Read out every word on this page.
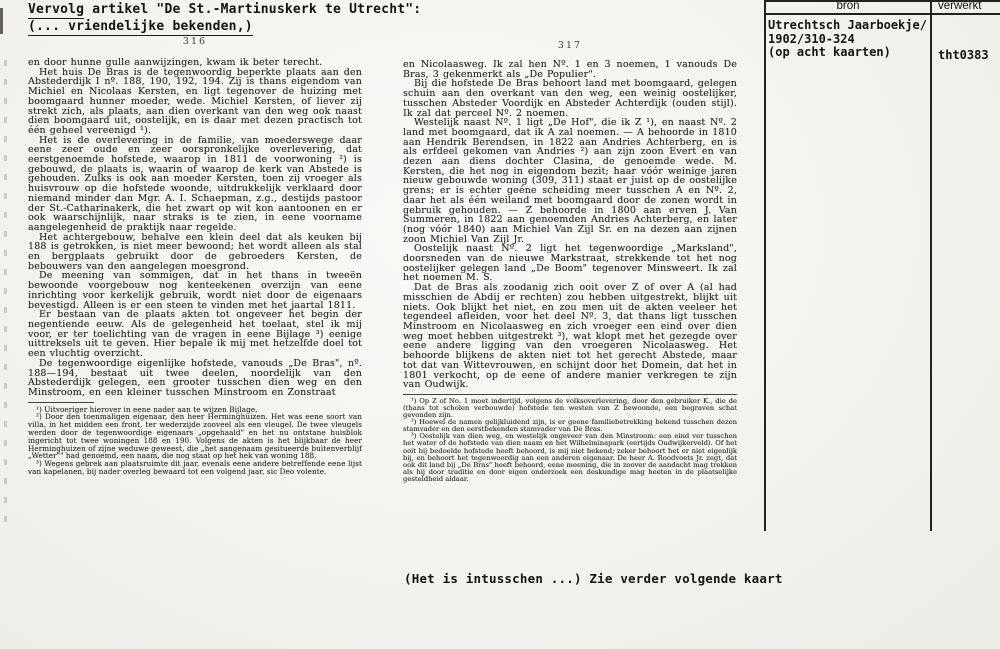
Vervolg artikel "De St.-Martinuskerk te Utrecht":
(... vriendelijke bekenden,)
316

en door hunne gulle aanwijzingen, kwam ik beter terecht.

Het huis De Bras is de tegenwoordig beperkte plaats aan den Abstederdijk I nº. 188, 190, 192, 194. Zij is thans eigendom van Michiel en Nicolaas Kersten, en ligt tegenover de huizing met boomgaard hunner moeder, wede. Michiel Kersten, of liever zij strekt zich, als plaats, aan dien overkant van den weg ook naast dien boomgaard uit, oostelijk, en is daar met dezen practisch tot één geheel vereenigd ¹).

Het is de overlevering in de familie, van moederswege daar eene zeer oude en zeer oorspronkelijke overlevering, dat eerstgenoemde hofstede, waarop in 1811 de voorwoning ²) is gebouwd, de plaats is, waarin of waarop de kerk van Abstede is gehouden. Zulks is ook aan moeder Kersten, toen zij vroeger als huisvrouw op die hofstede woonde, uitdrukkelijk verklaard door niemand minder dan Mgr. A. I. Schaepman, z.g., destijds pastoor der St.-Catharinakerk, die het zwart op wit kon aantoonen en er ook waarschijnlijk, naar straks is te zien, in eene voorname aangelegenheid de praktijk naar regelde.

Het achtergebouw, behalve een klein deel dat als keuken bij 188 is getrokken, is niet meer bewoond; het wordt alleen als stal en bergplaats gebruikt door de gebroeders Kersten, de bebouwers van den aangelegen moesgrond.

De meening van sommigen, dat in het thans in tweeën bewoonde voorgebouw nog kenteekenen overzijn van eene inrichting voor kerkelijk gebruik, wordt niet door de eigenaars bevestigd. Alleen is er een steen te vinden met het jaartal 1811.

Er bestaan van de plaats akten tot ongeveer het begin der negentiende eeuw. Als de gelegenheid het toelaat, stel ik mij voor, er ter toelichting van de vragen in eene Bijlage ³) eenige uittreksels uit te geven. Hier bepale ik mij met hetzelfde doel tot een vluchtig overzicht.

De tegenwoordige eigenlijke hofstede, vanouds „De Bras", nº. 188—194, bestaat uit twee deelen, noordelijk van den Abstederdijk gelegen, een grooter tusschen dien weg en den Minstroom, en een kleiner tusschen Minstroom en Zonstraat

¹) Uitvoeriger hierover in eene nader aan te wijzen Bijlage.

²) Door den toenmaligen eigenaar, den heer Herminghuizen. Het was eene soort van villa, in het midden een front, ter wederzijde zooveel als een vleugel. De twee vleugels werden door de tegenwoordige eigenaars „opgehaald" en het nu ontstane huisblok ingericht tot twee woningen 188 en 190. Volgens de akten is het blijkbaar de heer Herminghuizen of zijne weduwe geweest, die „het aangenaam gesitueerde buitenverblijf „Wetter"" had genoemd, een naam, die nog staat op het hek van woning 188.

³) Wegens gebrek aan plaatsruimte dit jaar, evenals eene andere betreffende eene lijst van kapelanen, bij nader overleg bewaard tot een volgend jaar, sic Deo volente.

317

en Nicolaasweg. Ik zal hen Nº. 1 en 3 noemen, 1 vanouds De Bras, 3 gekenmerkt als „De Populier".

Bij die hofstede De Bras behoort land met boomgaard, gelegen schuin aan den overkant van den weg, een weinig oostelijker, tusschen Absteder Voordijk en Absteder Achterdijk (ouden stijl). Ik zal dat perceel Nº. 2 noemen.

Westelijk naast Nº. 1 ligt „De Hof", die ik Z ¹), en naast Nº. 2 land met boomgaard, dat ik A zal noemen. — A behoorde in 1810 aan Hendrik Berendsen, in 1822 aan Andries Achterberg, en is als erfdeel gekomen van Andries ²) aan zijn zoon Evert en van dezen aan diens dochter Clasina, de genoemde wede. M. Kersten, die het nog in eigendom bezit; haar vóór weinige jaren nieuw gebouwde woning (309, 311) staat er juist op de oostelijke grens; er is echter geéne scheiding meer tusschen A en Nº. 2, daar het als één weiland met boomgaard door de zonen wordt in gebruik gehouden. — Z behoorde in 1800 aan erven J. Van Summeren, in 1822 aan genoemden Andries Achterberg, en later (nog vóór 1840) aan Michiel Van Zijl Sr. en na dezen aan zijnen zoon Michiel Van Zijl Jr.

Oostelijk naast Nº. 2 ligt het tegenwoordige „Marksland", doorsneden van de nieuwe Markstraat, strekkende tot het nog oostelijker gelegen land „De Boom" tegenover Minsweert. Ik zal het noemen M. S.

Dat de Bras als zoodanig zich ooit over Z of over A (al had misschien de Abdij er rechten) zou hebben uitgestrekt, blijkt uit niets. Ook blijkt het niet, en zou men uit de akten veeleer het tegendeel afleiden, voor het deel Nº. 3, dat thans ligt tusschen Minstroom en Nicolaasweg en zich vroeger een eind over dien weg moet hebben uitgestrekt ³), wat klopt met het gezegde over eene andere ligging van den vroegeren Nicolaasweg. Het behoorde blijkens de akten niet tot het gerecht Abstede, maar tot dat van Wittevrouwen, en schijnt door het Domein, dat het in 1801 verkocht, op de eene of andere manier verkregen te zijn van Oudwijk.

¹) Op Z of No. 1 moet indertijd, volgens de volksoverlevering, door den gebruiker K., die de (thans tot scholen verbouwde) hofstede ten westen van Z bewoonde, een begraven schat gevonden zijn.

²) Hoewel de namen gelijkluidend zijn, is er geene familiebetrekking bekend tusschen dezen stamvader en den eerstbekenden stamvader van De Bras.

³) Oostelijk van dien weg, en westelijk ongeveer van den Minstroom: een eind ver tusschen het water of de hofstede van dien naam en het Wilhelminapark (eertijds Oudwijkerveld). Of het ooit bij bedoelde hofstede heeft behoord, is mij niet bekend; zeker behoort het er niet eigenlijk bij, en behoort het tegenwoordig aan een anderen eigenaar. De heer A. Roodvoets Jr. zegt, dat ook dit land bij „De Bras" heeft behoord, eene meening, die in zoover de aandacht mag trekken als hij door traditie en door eigen onderzoek een deskundige mag heeten in de plaatselijke gesteldheid aldaar.

(Het is intusschen ...) Zie verder volgende kaart
bron	verwerkt

Utrechtsch Jaarboekje/

1902/310-324

(op acht kaarten)	tht0383
